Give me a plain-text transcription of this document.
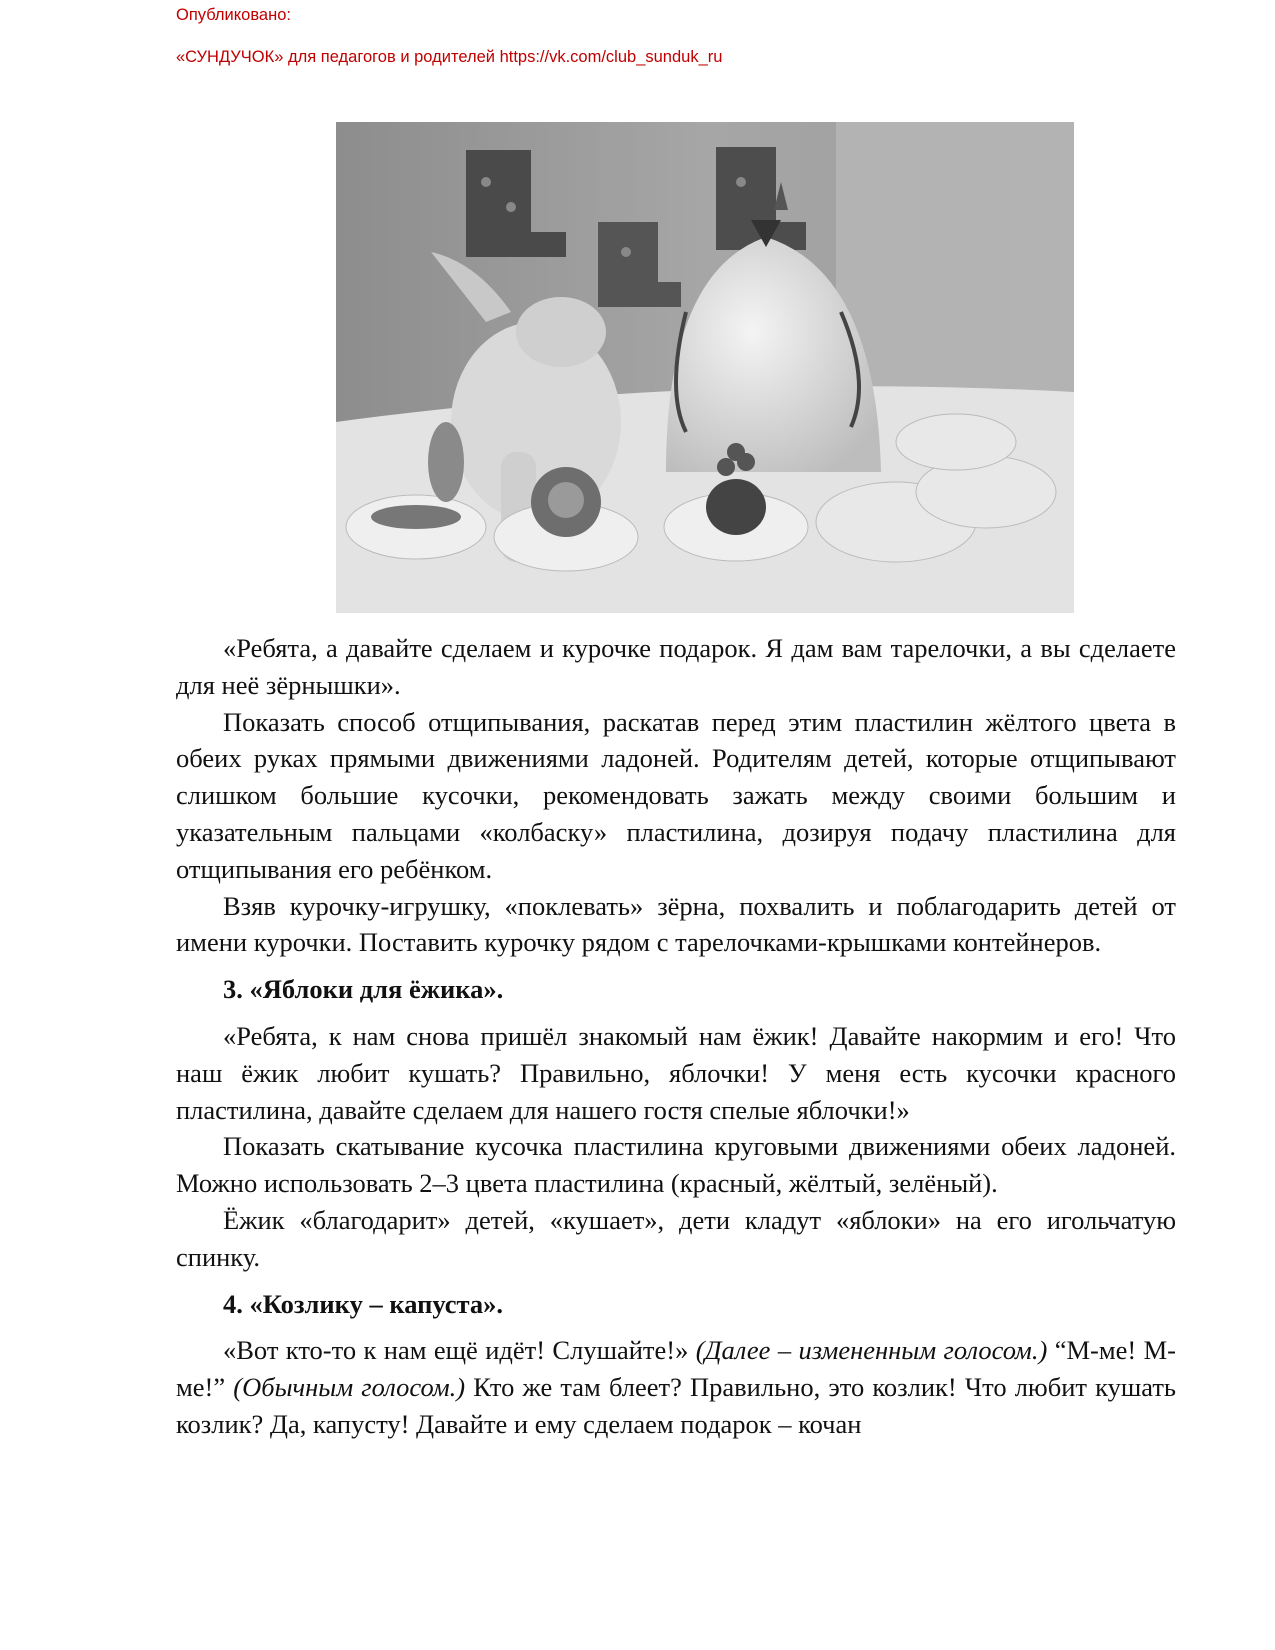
Опубликовано:
«СУНДУЧОК» для педагогов и родителей https://vk.com/club_sunduk_ru

«Ребята, а давайте сделаем и курочке подарок. Я дам вам тарелочки, а вы сделаете для неё зёрнышки».

Показать способ отщипывания, раскатав перед этим пластилин жёлтого цвета в обеих руках прямыми движениями ладоней. Родителям детей, которые отщипывают слишком большие кусочки, рекомендовать зажать между своими большим и указательным пальцами «колбаску» пластилина, дозируя подачу пластилина для отщипывания его ребёнком.

Взяв курочку-игрушку, «поклевать» зёрна, похвалить и поблагодарить детей от имени курочки. Поставить курочку рядом с тарелочками-крышками контейнеров.

3. «Яблоки для ёжика».

«Ребята, к нам снова пришёл знакомый нам ёжик! Давайте накормим и его! Что наш ёжик любит кушать? Правильно, яблочки! У меня есть кусочки красного пластилина, давайте сделаем для нашего гостя спелые яблочки!»

Показать скатывание кусочка пластилина круговыми движениями обеих ладоней. Можно использовать 2–3 цвета пластилина (красный, жёлтый, зелёный).

Ёжик «благодарит» детей, «кушает», дети кладут «яблоки» на его игольчатую спинку.

4. «Козлику – капуста».

«Вот кто-то к нам ещё идёт! Слушайте!» (Далее – измененным голосом.) “М-ме! М-ме!” (Обычным голосом.) Кто же там блеет? Правильно, это козлик! Что любит кушать козлик? Да, капусту! Давайте и ему сделаем подарок – кочан
